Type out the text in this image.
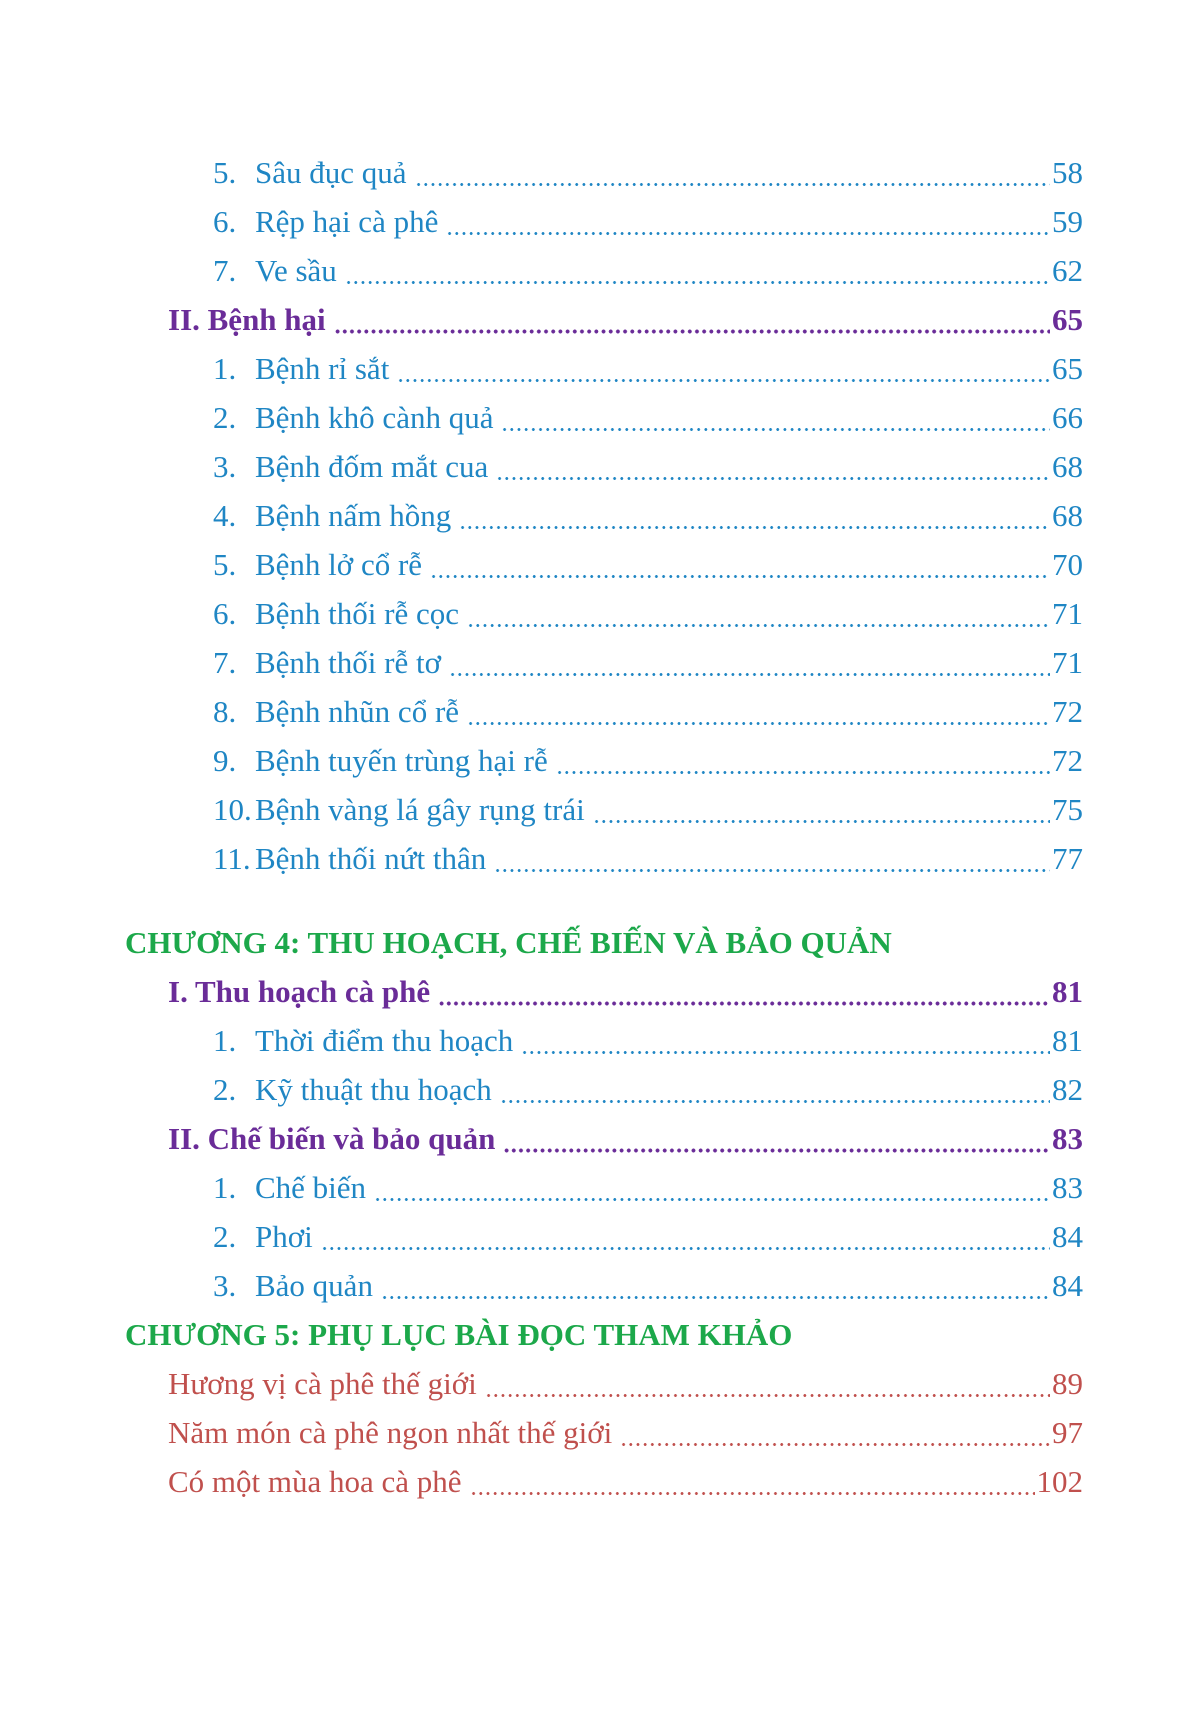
5. Sâu đục quả	58
6. Rệp hại cà phê	59
7. Ve sầu	62
II. Bệnh hại	65
1. Bệnh rỉ sắt	65
2. Bệnh khô cành quả	66
3. Bệnh đốm mắt cua	68
4. Bệnh nấm hồng	68
5. Bệnh lở cổ rễ	70
6. Bệnh thối rễ cọc	71
7. Bệnh thối rễ tơ	71
8. Bệnh nhũn cổ rễ	72
9. Bệnh tuyến trùng hại rễ	72
10. Bệnh vàng lá gây rụng trái	75
11. Bệnh thối nứt thân	77
CHƯƠNG 4: THU HOẠCH, CHẾ BIẾN VÀ BẢO QUẢN
I. Thu hoạch cà phê	81
1. Thời điểm thu hoạch	81
2. Kỹ thuật thu hoạch	82
II. Chế biến và bảo quản	83
1. Chế biến	83
2. Phơi	84
3. Bảo quản	84
CHƯƠNG 5: PHỤ LỤC BÀI ĐỌC THAM KHẢO
Hương vị cà phê thế giới	89
Năm món cà phê ngon nhất thế giới	97
Có một mùa hoa cà phê	102
